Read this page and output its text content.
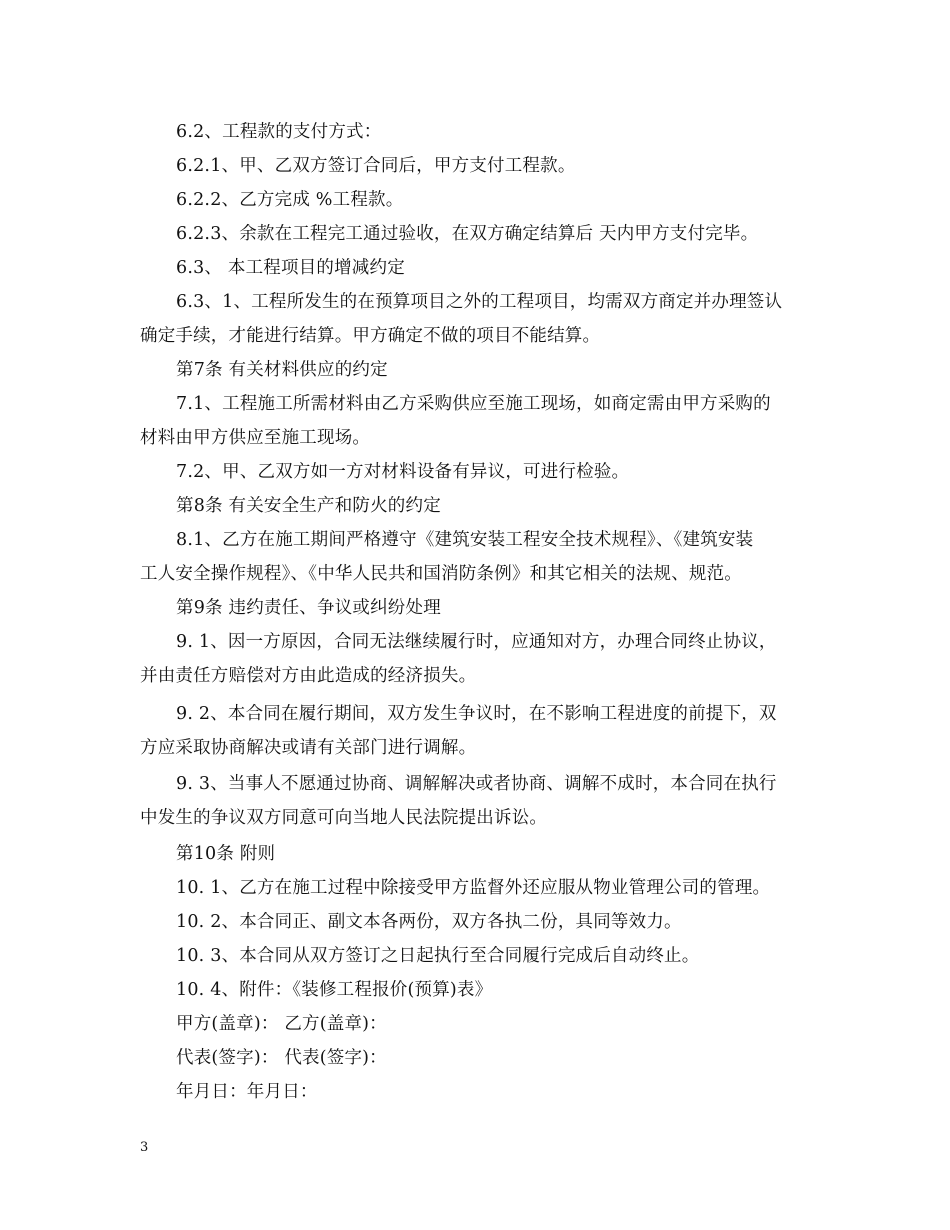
6.2、工程款的支付方式：
6.2.1、甲、乙双方签订合同后，甲方支付工程款。
6.2.2、乙方完成 %工程款。
6.2.3、余款在工程完工通过验收，在双方确定结算后 天内甲方支付完毕。
6.3、 本工程项目的增减约定
6.3、1、工程所发生的在预算项目之外的工程项目，均需双方商定并办理签认
确定手续，才能进行结算。甲方确定不做的项目不能结算。
第7条 有关材料供应的约定
7.1、工程施工所需材料由乙方采购供应至施工现场，如商定需由甲方采购的
材料由甲方供应至施工现场。
7.2、甲、乙双方如一方对材料设备有异议，可进行检验。
第8条 有关安全生产和防火的约定
8.1、乙方在施工期间严格遵守《建筑安装工程安全技术规程》、《建筑安装
工人安全操作规程》、《中华人民共和国消防条例》和其它相关的法规、规范。
第9条 违约责任、争议或纠纷处理
9. 1、因一方原因，合同无法继续履行时，应通知对方，办理合同终止协议，
并由责任方赔偿对方由此造成的经济损失。
9. 2、本合同在履行期间，双方发生争议时，在不影响工程进度的前提下，双
方应采取协商解决或请有关部门进行调解。
9. 3、当事人不愿通过协商、调解解决或者协商、调解不成时，本合同在执行
中发生的争议双方同意可向当地人民法院提出诉讼。
第10条 附则
10. 1、乙方在施工过程中除接受甲方监督外还应服从物业管理公司的管理。
10. 2、本合同正、副文本各两份，双方各执二份，具同等效力。
10. 3、本合同从双方签订之日起执行至合同履行完成后自动终止。
10. 4、附件：《装修工程报价(预算)表》
甲方(盖章)： 乙方(盖章)：
代表(签字)： 代表(签字)：
年月日：年月日：
3
